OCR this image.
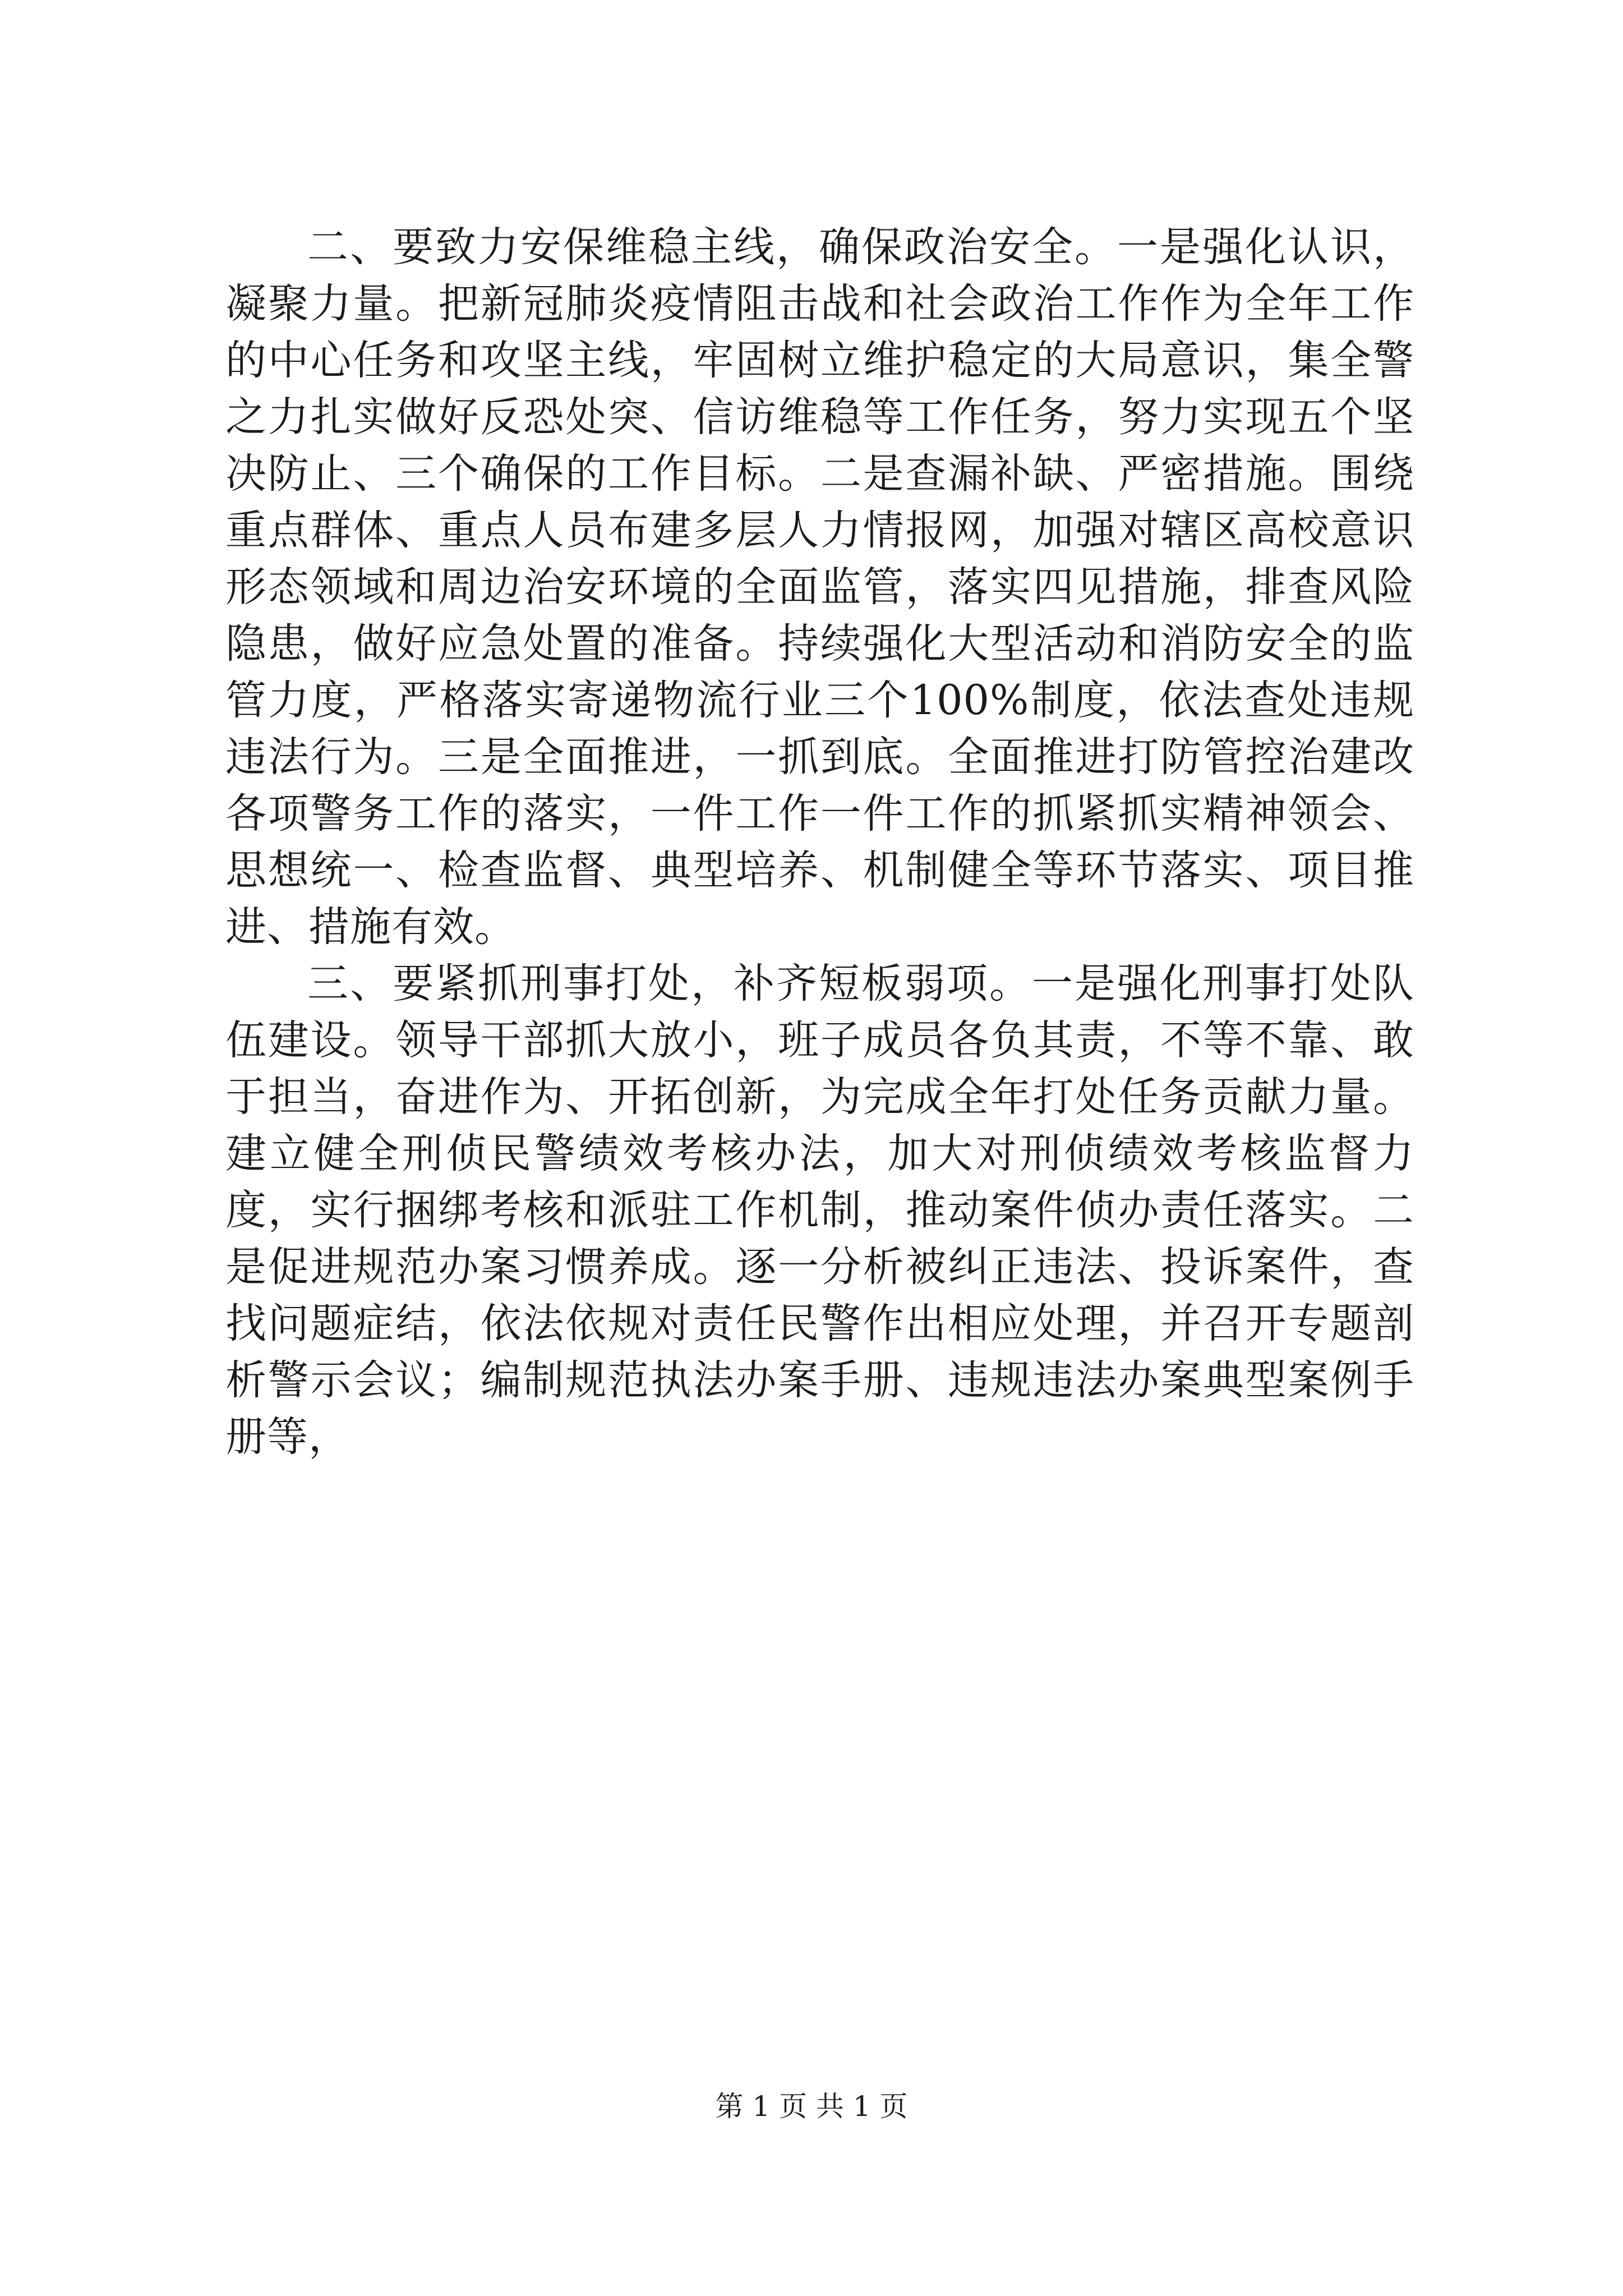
二、要致力安保维稳主线，确保政治安全。一是强化认识，凝聚力量。把新冠肺炎疫情阻击战和社会政治工作作为全年工作的中心任务和攻坚主线，牢固树立维护稳定的大局意识，集全警之力扎实做好反恐处突、信访维稳等工作任务，努力实现五个坚决防止、三个确保的工作目标。二是查漏补缺、严密措施。围绕重点群体、重点人员布建多层人力情报网，加强对辖区高校意识形态领域和周边治安环境的全面监管，落实四见措施，排查风险隐患，做好应急处置的准备。持续强化大型活动和消防安全的监管力度，严格落实寄递物流行业三个100%制度，依法查处违规违法行为。三是全面推进，一抓到底。全面推进打防管控治建改各项警务工作的落实，一件工作一件工作的抓紧抓实精神领会、思想统一、检查监督、典型培养、机制健全等环节落实、项目推进、措施有效。

三、要紧抓刑事打处，补齐短板弱项。一是强化刑事打处队伍建设。领导干部抓大放小，班子成员各负其责，不等不靠、敢于担当，奋进作为、开拓创新，为完成全年打处任务贡献力量。建立健全刑侦民警绩效考核办法，加大对刑侦绩效考核监督力度，实行捆绑考核和派驻工作机制，推动案件侦办责任落实。二是促进规范办案习惯养成。逐一分析被纠正违法、投诉案件，查找问题症结，依法依规对责任民警作出相应处理，并召开专题剖析警示会议；编制规范执法办案手册、违规违法办案典型案例手册等，

第 1 页 共 1 页
